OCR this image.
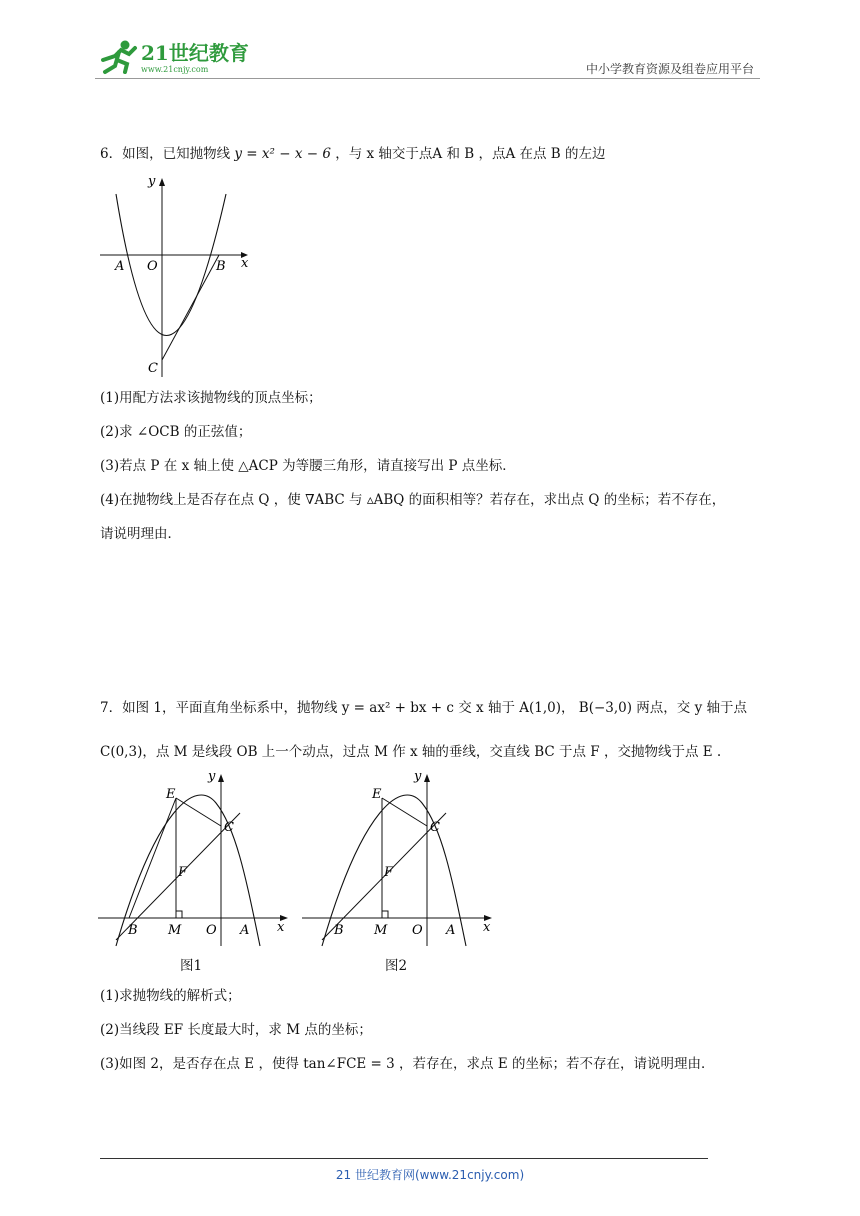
21世纪教育
www.21cnjy.com	中小学教育资源及组卷应用平台
6．如图，已知抛物线 y = x² − x − 6 ，与 x 轴交于点A 和 B ，点A 在点 B 的左边
y
x
A O	B
C
(1)用配方法求该抛物线的顶点坐标；
(2)求 ∠OCB 的正弦值；
(3)若点 P 在 x 轴上使 △ACP 为等腰三角形，请直接写出 P 点坐标．
(4)在抛物线上是否存在点 Q ，使 ∇ABC 与 ▵ABQ 的面积相等？若存在，求出点 Q 的坐标；若不存在，
请说明理由．
7．如图 1，平面直角坐标系中，抛物线 y = ax² + bx + c 交 x 轴于 A(1,0)， B(−3,0) 两点，交 y 轴于点
C(0,3)，点 M 是线段 OB 上一个动点，过点 M 作 x 轴的垂线，交直线 BC 于点 F ，交抛物线于点 E .
y
x
E
C
F
B M O A
图1
y
x
E
C
F
B M O A
图2
(1)求抛物线的解析式；
(2)当线段 EF 长度最大时，求 M 点的坐标；
(3)如图 2，是否存在点 E ，使得 tan∠FCE = 3 ，若存在，求点 E 的坐标；若不存在，请说明理由．
21 世纪教育网(www.21cnjy.com)
